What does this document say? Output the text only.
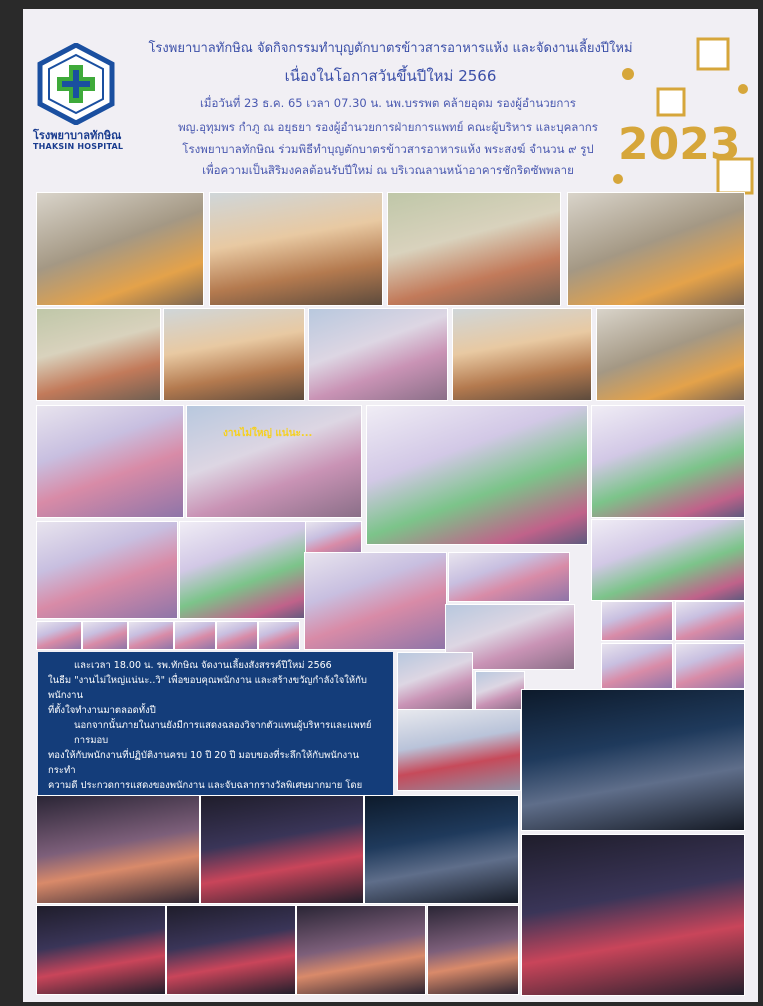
โรงพยาบาลทักษิณ
THAKSIN HOSPITAL
โรงพยาบาลทักษิณ จัดกิจกรรมทำบุญตักบาตรข้าวสารอาหารแห้ง และจัดงานเลี้ยงปีใหม่
เนื่องในโอกาสวันขึ้นปีใหม่ 2566
เมื่อวันที่ 23 ธ.ค. 65 เวลา 07.30 น. นพ.บรรพต คล้ายอุดม รองผู้อำนวยการ
พญ.อุทุมพร กำภู ณ อยุธยา รองผู้อำนวยการฝ่ายการแพทย์ คณะผู้บริหาร และบุคลากร
โรงพยาบาลทักษิณ ร่วมพิธีทำบุญตักบาตรข้าวสารอาหารแห้ง พระสงฆ์ จำนวน ๙ รูป
เพื่อความเป็นสิริมงคลต้อนรับปีใหม่ ณ บริเวณลานหน้าอาคารชักริดซัพพลาย	2023
งานไม่ใหญ่ แน่นะ...

และเวลา 18.00 น. รพ.ทักษิณ จัดงานเลี้ยงสังสรรค์ปีใหม่ 2566

ในธีม "งานไม่ใหญ่แน่นะ..วิ" เพื่อขอบคุณพนักงาน และสร้างขวัญกำลังใจให้กับพนักงาน

ที่ตั้งใจทำงานมาตลอดทั้งปี

นอกจากนั้นภายในงานยังมีการแสดงฉลองวิจากตัวแทนผู้บริหารและแพทย์ การมอบ

ทองให้กับพนักงานที่ปฏิบัติงานครบ 10 ปี 20 ปี มอบของที่ระลึกให้กับพนักงานกระทำ

ความดี ประกวดการแสดงของพนักงาน และจับฉลากรางวัลพิเศษมากมาย โดย
